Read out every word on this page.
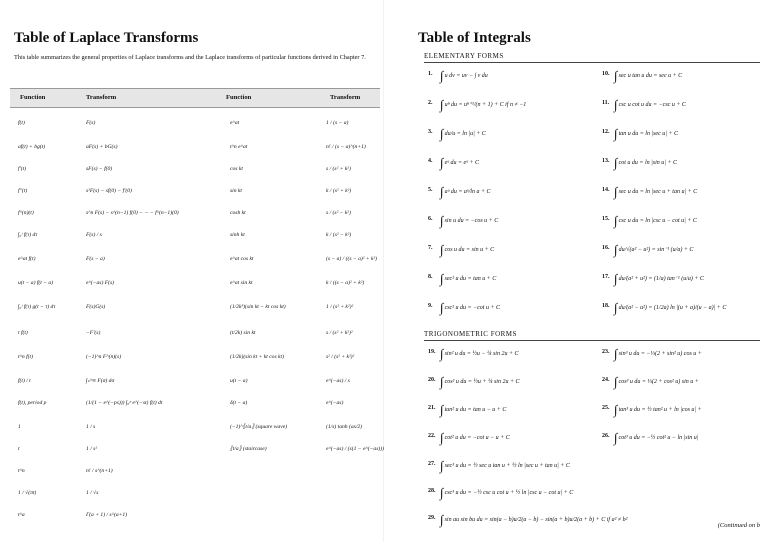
Table of Laplace Transforms
This table summarizes the general properties of Laplace transforms and the Laplace transforms of particular functions derived in Chapter 7.
Function	Transform	Function	Transform
f(t)	F(s)	e^at	1 / (s − a)
af(t) + bg(t)	aF(s) + bG(s)	t^n e^at	n! / (s − a)^(n+1)
f′(t)	sF(s) − f(0)	cos kt	s / (s² + k²)
f″(t)	s²F(s) − sf(0) − f′(0)	sin kt	k / (s² + k²)
f^(n)(t)	s^n F(s) − s^(n−1) f(0) − ··· − f^(n−1)(0)	cosh kt	s / (s² − k²)
∫₀ᵗ f(τ) dτ	F(s) / s	sinh kt	k / (s² − k²)
e^at f(t)	F(s − a)	e^at cos kt	(s − a) / ((s − a)² + k²)
u(t − a) f(t − a)	e^(−as) F(s)	e^at sin kt	k / ((s − a)² + k²)
∫₀ᵗ f(τ) g(t − τ) dτ	F(s)G(s)	(1/2k³)(sin kt − kt cos kt)	1 / (s² + k²)²
t f(t)	−F′(s)	(t/2k) sin kt	s / (s² + k²)²
t^n f(t)	(−1)^n F^(n)(s)	(1/2k)(sin kt + kt cos kt)	s² / (s² + k²)²
f(t) / t	∫ₛ^∞ F(σ) dσ	u(t − a)	e^(−as) / s
f(t), period p	(1/(1 − e^(−ps))) ∫₀ᵖ e^(−st) f(t) dt	δ(t − a)	e^(−as)
1	1 / s	(−1)^⟦t/a⟧ (square wave)	(1/s) tanh (as/2)
t	1 / s²	⟦t/a⟧ (staircase)	e^(−as) / (s(1 − e^(−as)))
t^n	n! / s^(n+1)
1 / √(πt)	1 / √s
t^a	Γ(a + 1) / s^(a+1)
Table of Integrals
ELEMENTARY FORMS
1. ∫u dv = uv − ∫ v du
2. ∫uⁿ du = uⁿ⁺¹/(n + 1) + C if n ≠ −1
3. ∫du/u = ln |u| + C
4. ∫eᵘ du = eᵘ + C
5. ∫aᵘ du = aᵘ/ln a + C
6. ∫sin u du = −cos u + C
7. ∫cos u du = sin u + C
8. ∫sec² u du = tan u + C
9. ∫csc² u du = −cot u + C
10. ∫sec u tan u du = sec u + C
11. ∫csc u cot u du = −csc u + C
12. ∫tan u du = ln |sec u| + C
13. ∫cot u du = ln |sin u| + C
14. ∫sec u du = ln |sec u + tan u| + C
15. ∫csc u du = ln |csc u − cot u| + C
16. ∫du/√(a² − u²) = sin⁻¹ (u/a) + C
17. ∫du/(a² + u²) = (1/a) tan⁻¹ (u/a) + C
18. ∫du/(a² − u²) = (1/2a) ln |(u + a)/(u − a)| + C
TRIGONOMETRIC FORMS
19. ∫sin² u du = ½u − ¼ sin 2u + C
20. ∫cos² u du = ½u + ¼ sin 2u + C
21. ∫tan² u du = tan u − u + C
22. ∫cot² u du = −cot u − u + C
23. ∫sin³ u du = −⅓(2 + sin² u) cos u +
24. ∫cos³ u du = ⅓(2 + cos² u) sin u +
25. ∫tan³ u du = ½ tan² u + ln |cos u| +
26. ∫cot³ u du = −½ cot² u − ln |sin u|
27. ∫sec³ u du = ½ sec u tan u + ½ ln |sec u + tan u| + C
28. ∫csc³ u du = −½ csc u cot u + ½ ln |csc u − cot u| + C
29. ∫sin au sin bu du = sin(a − b)u/2(a − b) − sin(a + b)u/2(a + b) + C if a² ≠ b²
(Continued on b
